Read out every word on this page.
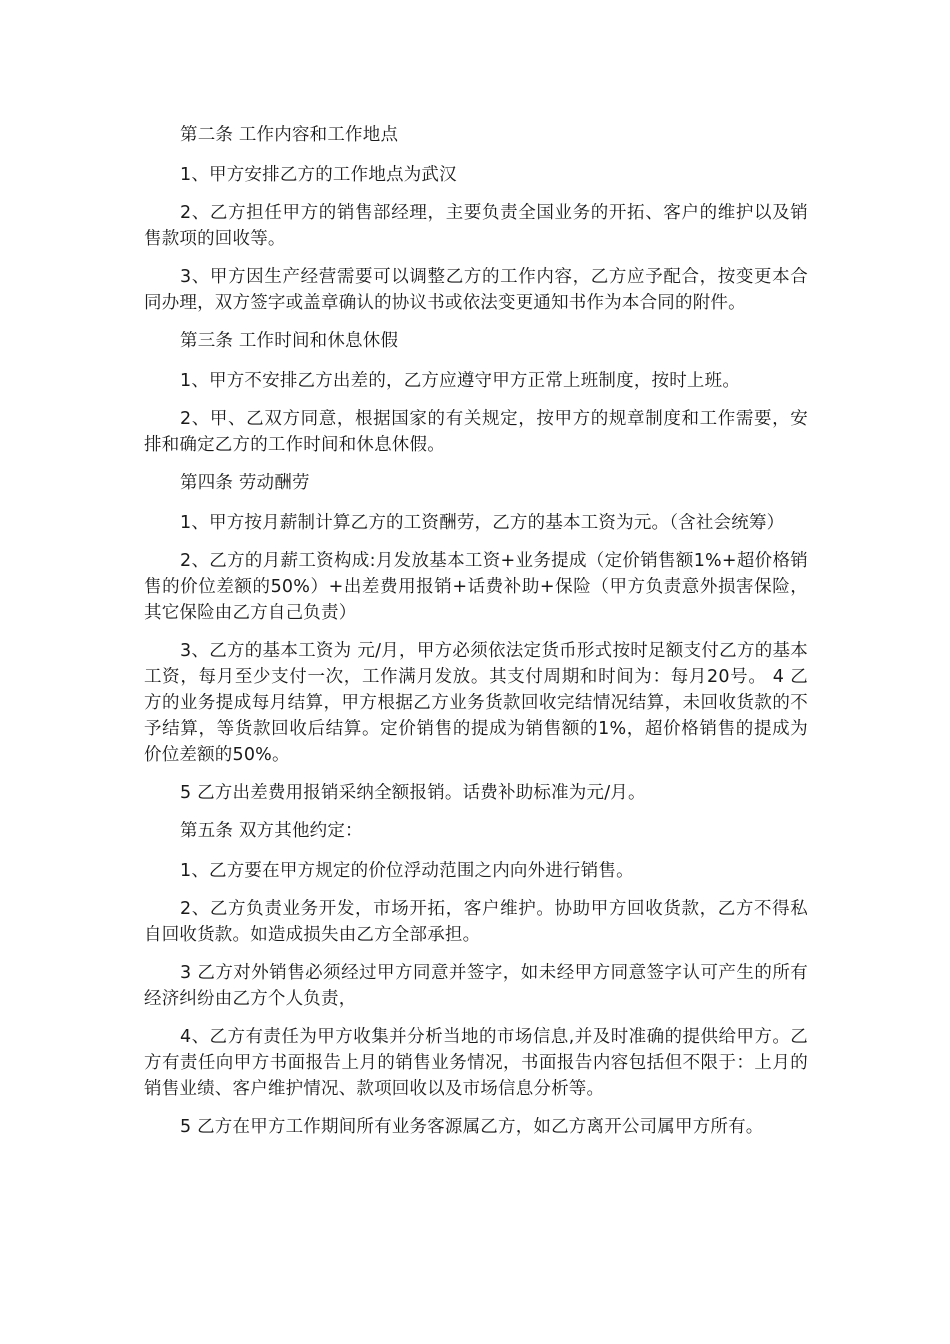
第二条 工作内容和工作地点

1、甲方安排乙方的工作地点为武汉

2、乙方担任甲方的销售部经理，主要负责全国业务的开拓、客户的维护以及销售款项的回收等。

3、甲方因生产经营需要可以调整乙方的工作内容，乙方应予配合，按变更本合同办理，双方签字或盖章确认的协议书或依法变更通知书作为本合同的附件。

第三条 工作时间和休息休假

1、甲方不安排乙方出差的，乙方应遵守甲方正常上班制度，按时上班。

2、甲、乙双方同意，根据国家的有关规定，按甲方的规章制度和工作需要，安排和确定乙方的工作时间和休息休假。

第四条 劳动酬劳

1、甲方按月薪制计算乙方的工资酬劳，乙方的基本工资为元。（含社会统筹）

2、乙方的月薪工资构成:月发放基本工资+业务提成（定价销售额1%+超价格销售的价位差额的50%）+出差费用报销+话费补助+保险（甲方负责意外损害保险，其它保险由乙方自己负责）

3、乙方的基本工资为 元/月，甲方必须依法定货币形式按时足额支付乙方的基本工资，每月至少支付一次，工作满月发放。其支付周期和时间为：每月20号。 4 乙方的业务提成每月结算，甲方根据乙方业务货款回收完结情况结算，未回收货款的不予结算，等货款回收后结算。定价销售的提成为销售额的1%，超价格销售的提成为价位差额的50%。

5 乙方出差费用报销采纳全额报销。话费补助标准为元/月。

第五条 双方其他约定：

1、乙方要在甲方规定的价位浮动范围之内向外进行销售。

2、乙方负责业务开发，市场开拓，客户维护。协助甲方回收货款，乙方不得私自回收货款。如造成损失由乙方全部承担。

3 乙方对外销售必须经过甲方同意并签字，如未经甲方同意签字认可产生的所有经济纠纷由乙方个人负责，

4、乙方有责任为甲方收集并分析当地的市场信息,并及时准确的提供给甲方。乙方有责任向甲方书面报告上月的销售业务情况，书面报告内容包括但不限于：上月的销售业绩、客户维护情况、款项回收以及市场信息分析等。

5 乙方在甲方工作期间所有业务客源属乙方，如乙方离开公司属甲方所有。
